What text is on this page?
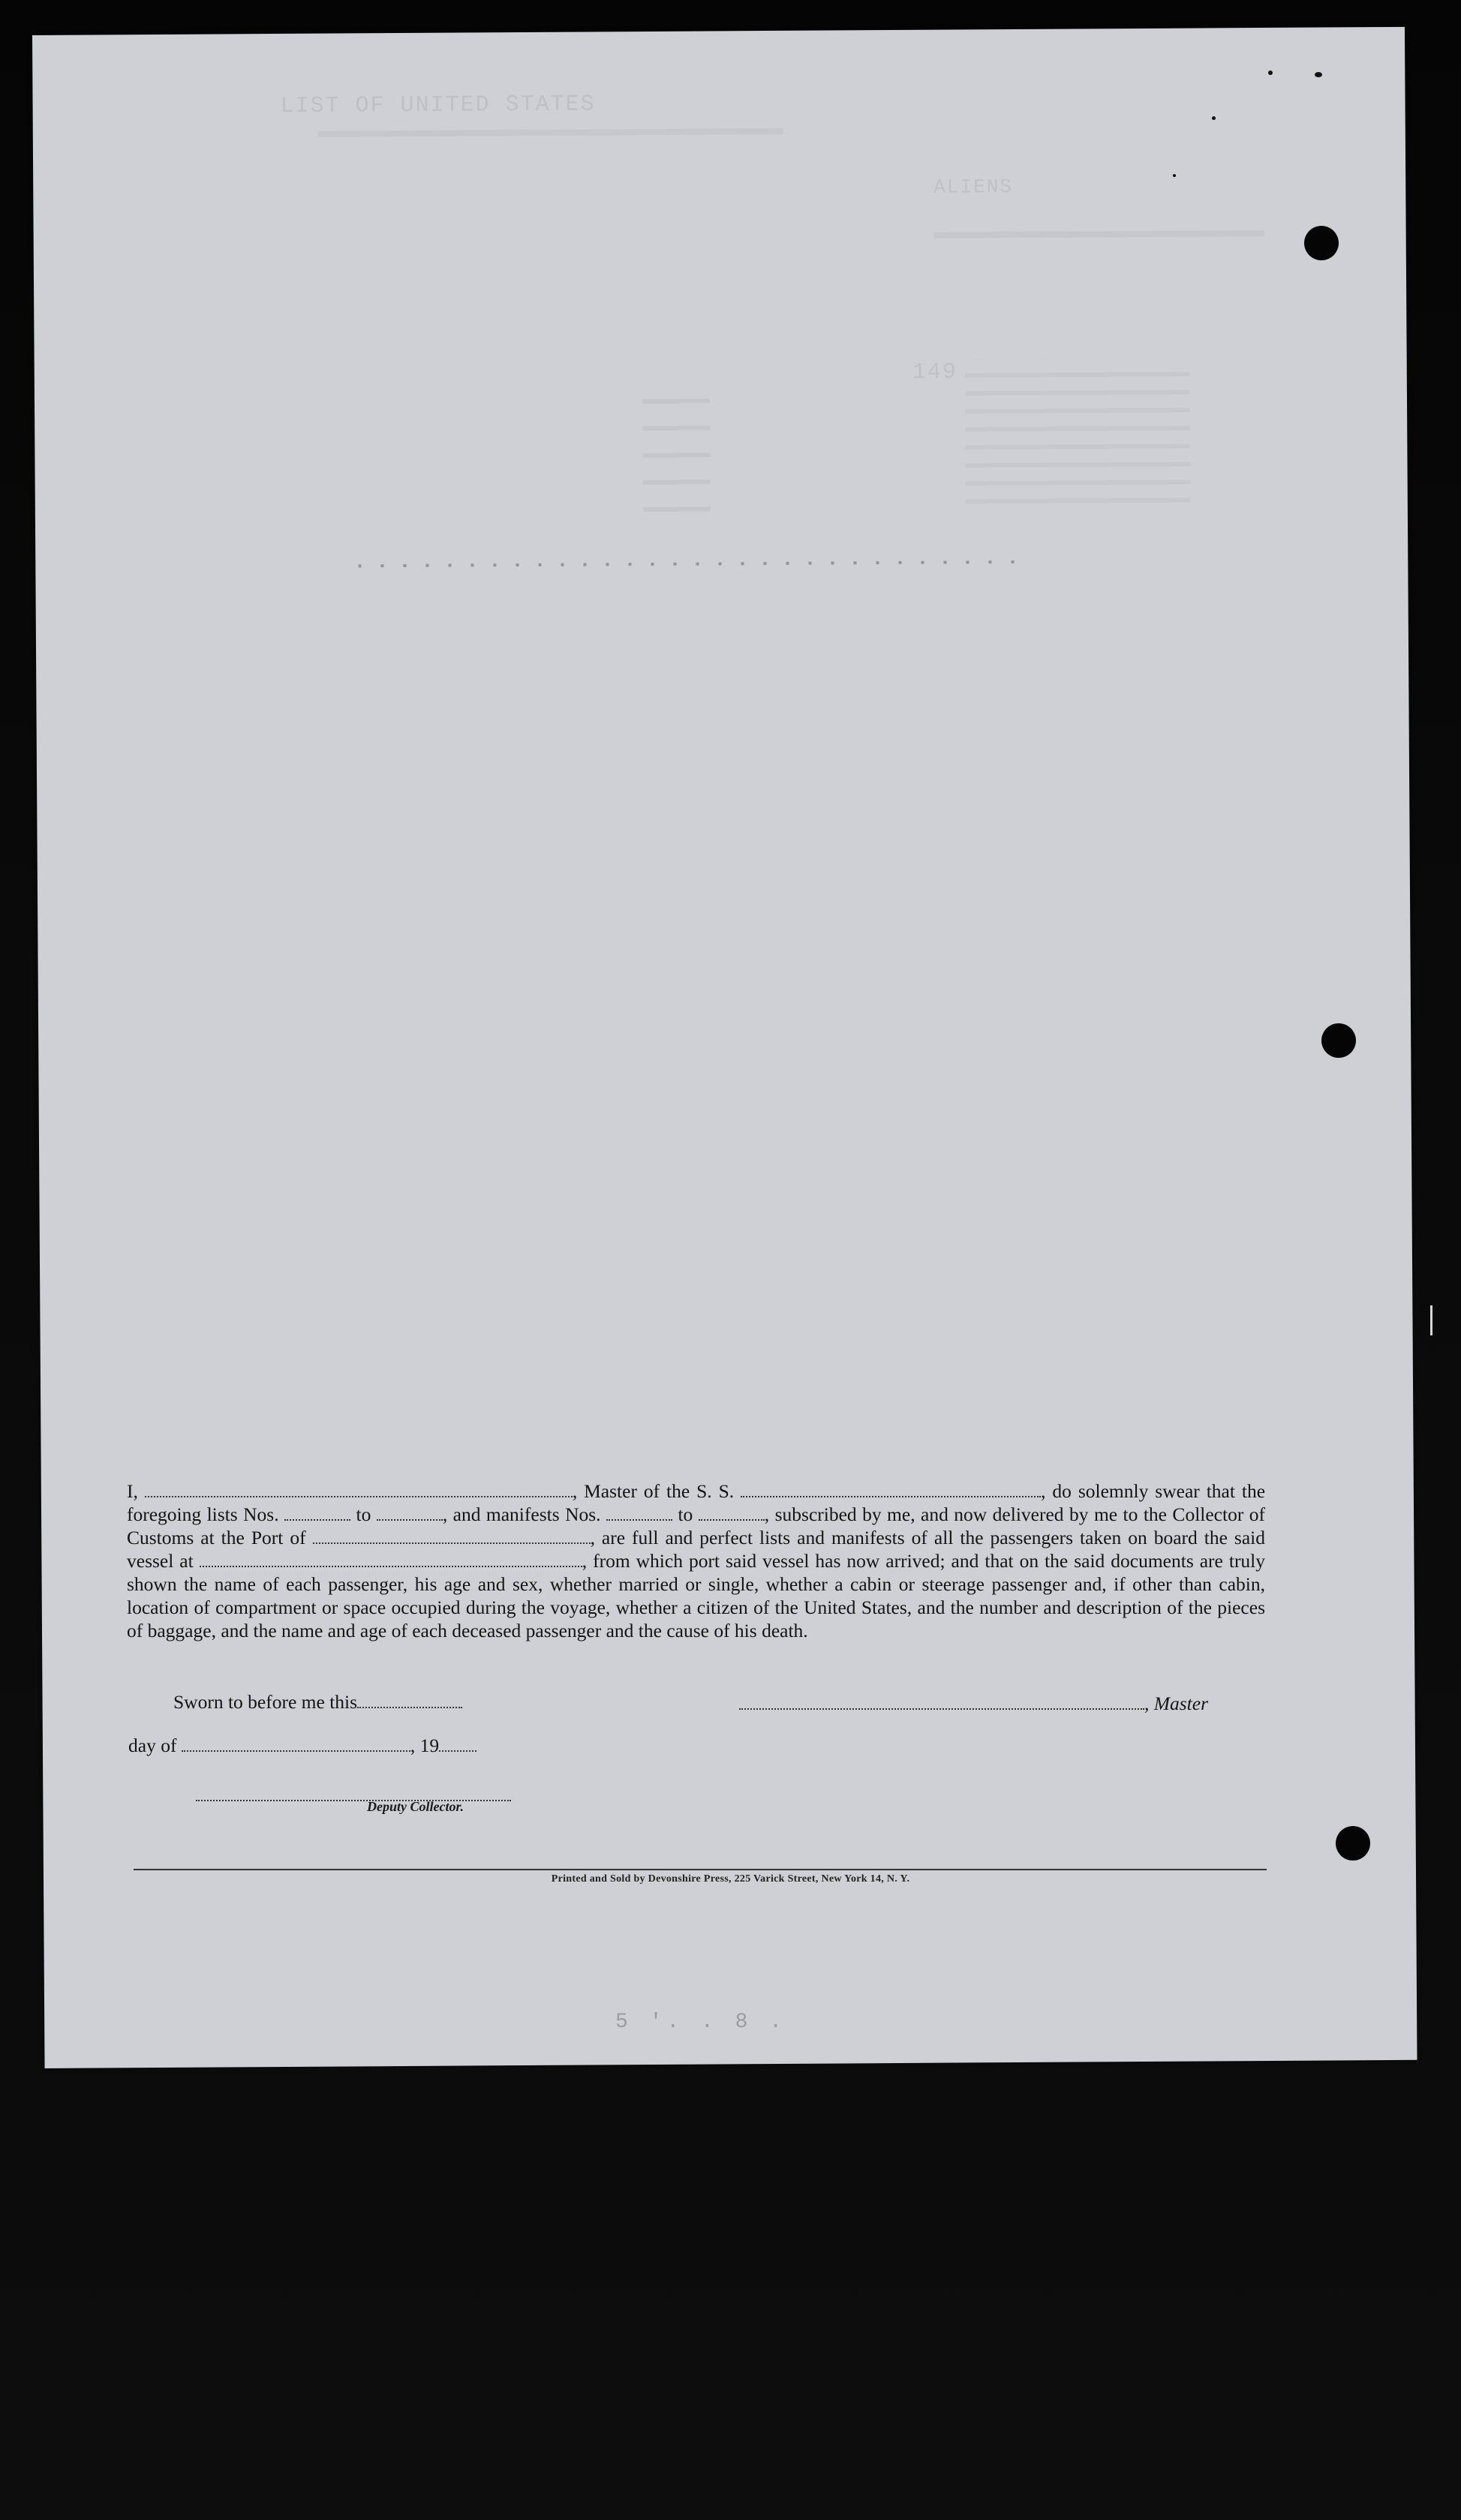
LIST OF UNITED STATES
ALIENS
149
I,	, Master of the S. S.	, do solemnly swear that the foregoing lists Nos.	to	, and manifests Nos.	to	, subscribed by me, and now delivered by me to the Collector of Customs at the Port of	, are full and perfect lists and manifests of all the passengers taken on board the said vessel at	, from which port said vessel has now arrived; and that on the said documents are truly shown the name of each passenger, his age and sex, whether married or single, whether a cabin or steerage passenger and, if other than cabin, location of compartment or space occupied during the voyage, whether a citizen of the United States, and the number and description of the pieces of baggage, and the name and age of each deceased passenger and the cause of his death.
Sworn to before me this	, Master
day of	, 19
Deputy Collector.
Printed and Sold by Devonshire Press, 225 Varick Street, New York 14, N. Y.
5 '. . 8 .
